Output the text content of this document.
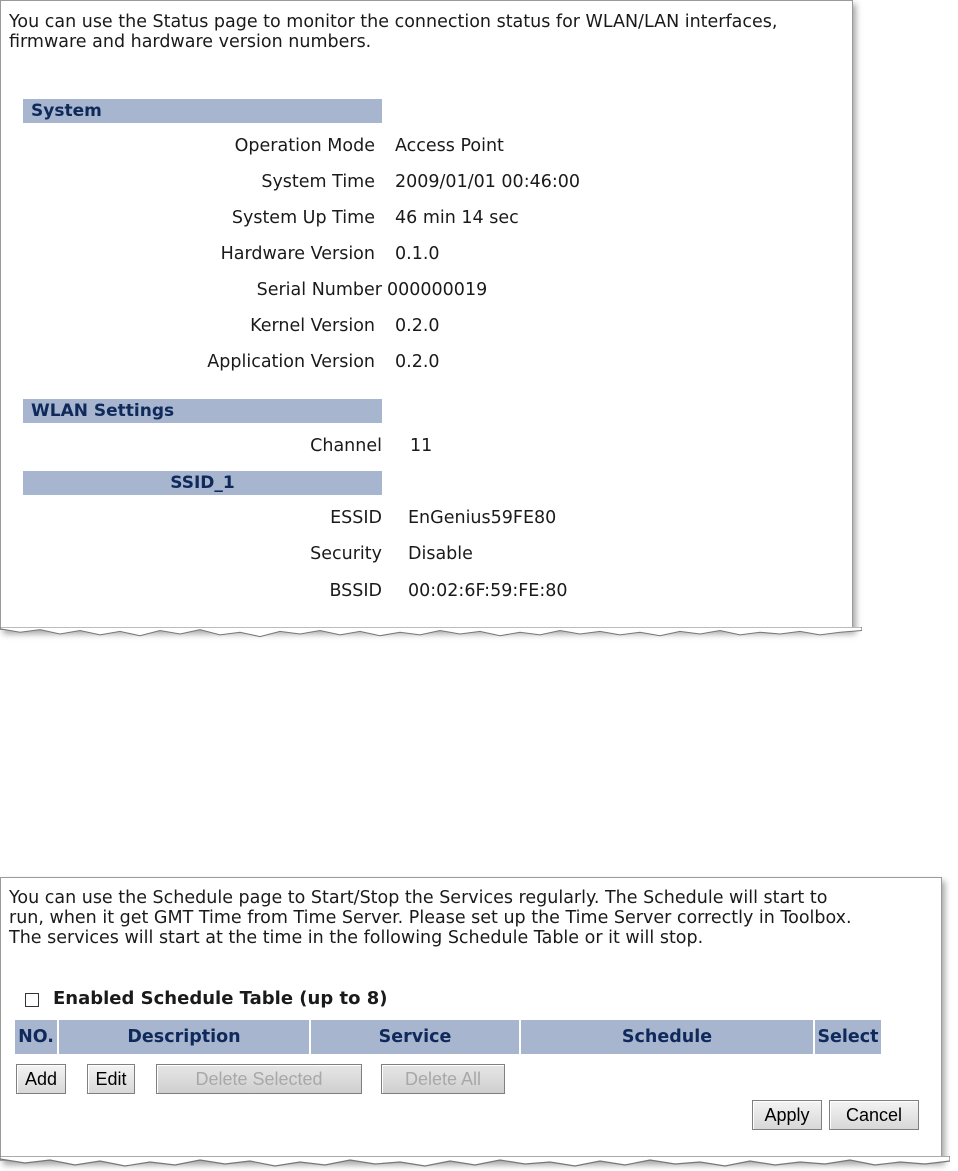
You can use the Status page to monitor the connection status for WLAN/LAN interfaces, firmware and hardware version numbers.
System
Operation Mode Access Point
System Time 2009/01/01 00:46:00
System Up Time 46 min 14 sec
Hardware Version 0.1.0
Serial Number 000000019
Kernel Version 0.2.0
Application Version 0.2.0
WLAN Settings
Channel 11
SSID_1
ESSID EnGenius59FE80
Security Disable
BSSID 00:02:6F:59:FE:80
You can use the Schedule page to Start/Stop the Services regularly. The Schedule will start to
run, when it get GMT Time from Time Server. Please set up the Time Server correctly in Toolbox.
The services will start at the time in the following Schedule Table or it will stop.
Enabled Schedule Table (up to 8)
NO.	Description	Service	Schedule	Select
Add	Edit	Delete Selected	Delete All
Apply	Cancel
